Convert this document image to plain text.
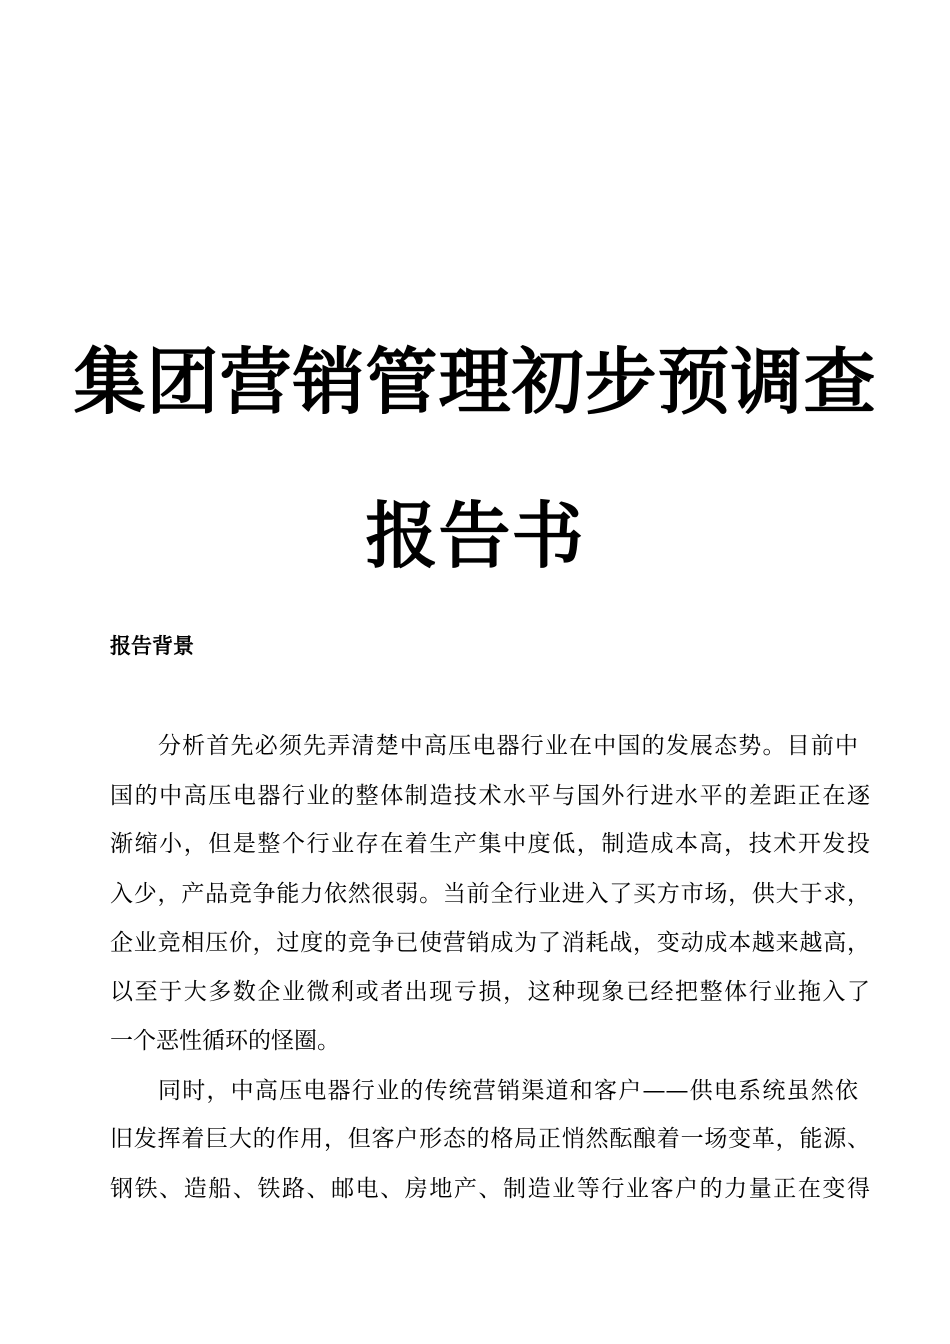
集团营销管理初步预调查
报告书
报告背景
分析首先必须先弄清楚中高压电器行业在中国的发展态势。目前中
国的中高压电器行业的整体制造技术水平与国外行进水平的差距正在逐
渐缩小，但是整个行业存在着生产集中度低，制造成本高，技术开发投
入少，产品竞争能力依然很弱。当前全行业进入了买方市场，供大于求，
企业竞相压价，过度的竞争已使营销成为了消耗战，变动成本越来越高，
以至于大多数企业微利或者出现亏损，这种现象已经把整体行业拖入了
一个恶性循环的怪圈。
同时，中高压电器行业的传统营销渠道和客户——供电系统虽然依
旧发挥着巨大的作用，但客户形态的格局正悄然酝酿着一场变革，能源、
钢铁、造船、铁路、邮电、房地产、制造业等行业客户的力量正在变得
